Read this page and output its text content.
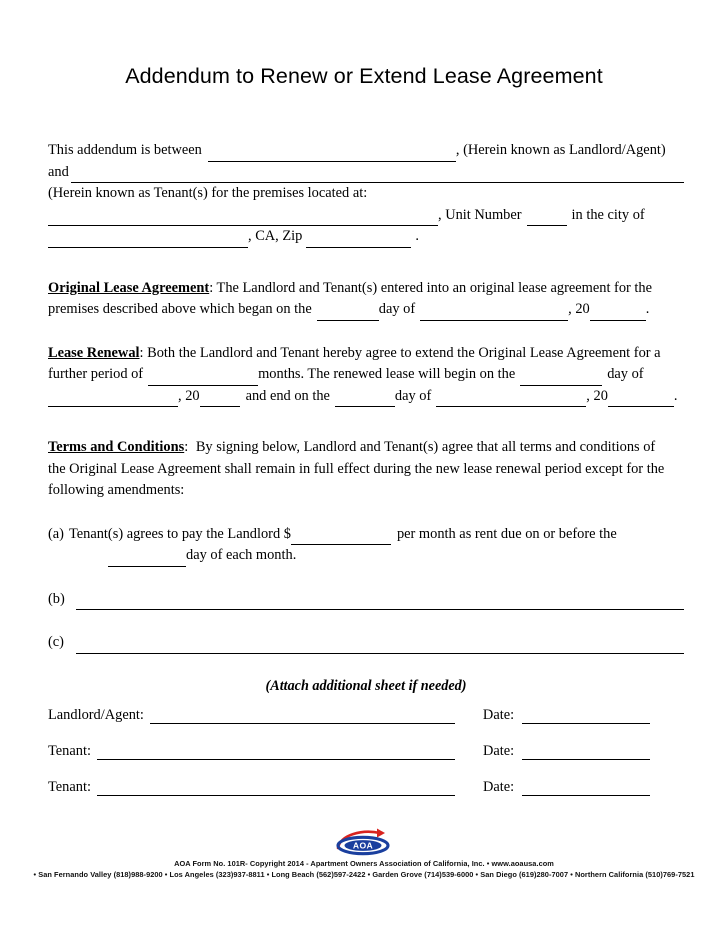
Addendum to Renew or Extend Lease Agreement
This addendum is between	, (Herein known as Landlord/Agent)
and
(Herein known as Tenant(s) for the premises located at:
, Unit Number	in the city of
, CA, Zip	.
Original Lease Agreement: The Landlord and Tenant(s) entered into an original lease agreement for the
premises described above which began on the	day of	, 20	.
Lease Renewal: Both the Landlord and Tenant hereby agree to extend the Original Lease Agreement for a
further period of	months. The renewed lease will begin on the	day of
, 20	and end on the	day of	, 20	.
Terms and Conditions: By signing below, Landlord and Tenant(s) agree that all terms and conditions of
the Original Lease Agreement shall remain in full effect during the new lease renewal period except for the
following amendments:
(a) Tenant(s) agrees to pay the Landlord $	per month as rent due on or before the
day of each month.
(b)
(c)
(Attach additional sheet if needed)
Landlord/Agent:	Date:
Tenant:	Date:
Tenant:	Date:
AOA
AOA Form No. 101R- Copyright 2014 - Apartment Owners Association of California, Inc. • www.aoausa.com
• San Fernando Valley (818)988-9200 • Los Angeles (323)937-8811 • Long Beach (562)597-2422 • Garden Grove (714)539-6000 • San Diego (619)280-7007 • Northern California (510)769-7521
